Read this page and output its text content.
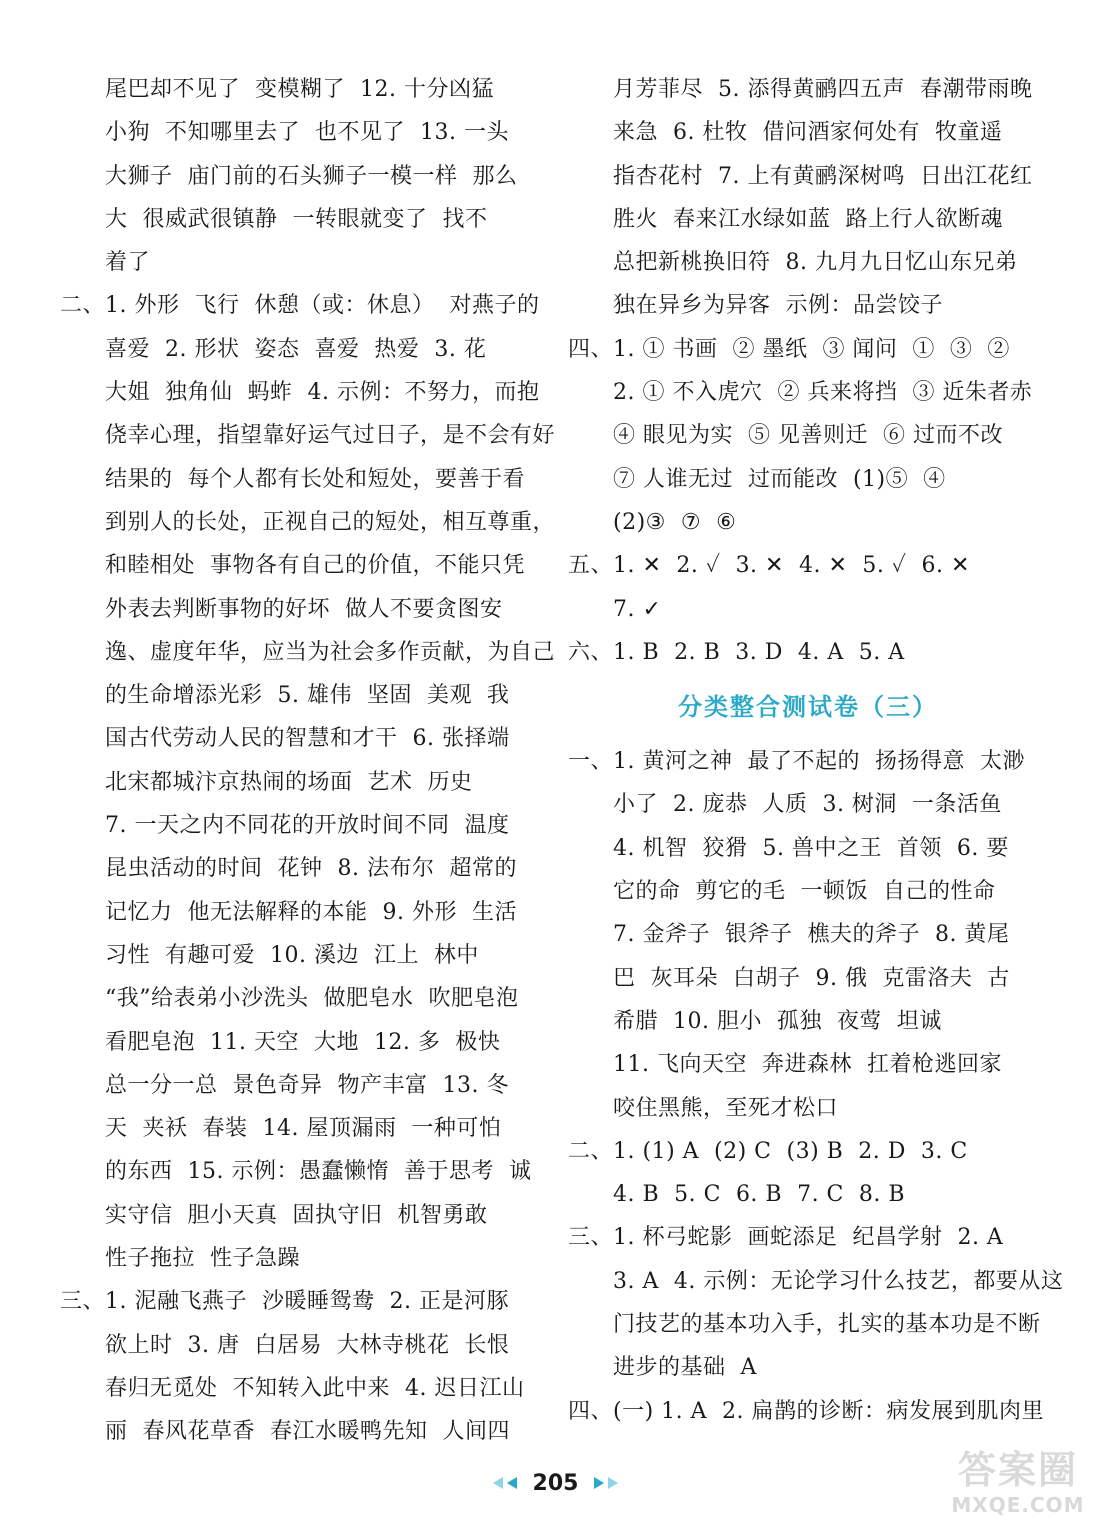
尾巴却不见了  变模糊了  12. 十分凶猛
小狗  不知哪里去了  也不见了  13. 一头
大狮子  庙门前的石头狮子一模一样  那么
大  很威武很镇静  一转眼就变了  找不
着了
二、1. 外形  飞行  休憩（或：休息）  对燕子的
喜爱  2. 形状  姿态  喜爱  热爱  3. 花
大姐  独角仙  蚂蚱  4. 示例：不努力，而抱
侥幸心理，指望靠好运气过日子，是不会有好
结果的  每个人都有长处和短处，要善于看
到别人的长处，正视自己的短处，相互尊重，
和睦相处  事物各有自己的价值，不能只凭
外表去判断事物的好坏  做人不要贪图安
逸、虚度年华，应当为社会多作贡献，为自己
的生命增添光彩  5. 雄伟  坚固  美观  我
国古代劳动人民的智慧和才干  6. 张择端
北宋都城汴京热闹的场面  艺术  历史
7. 一天之内不同花的开放时间不同  温度
昆虫活动的时间  花钟  8. 法布尔  超常的
记忆力  他无法解释的本能  9. 外形  生活
习性  有趣可爱  10. 溪边  江上  林中
“我”给表弟小沙洗头  做肥皂水  吹肥皂泡
看肥皂泡  11. 天空  大地  12. 多  极快
总一分一总  景色奇异  物产丰富  13. 冬
天  夹袄  春装  14. 屋顶漏雨  一种可怕
的东西  15. 示例：愚蠢懒惰  善于思考  诚
实守信  胆小天真  固执守旧  机智勇敢
性子拖拉  性子急躁
三、1. 泥融飞燕子  沙暖睡鸳鸯  2. 正是河豚
欲上时  3. 唐  白居易  大林寺桃花  长恨
春归无觅处  不知转入此中来  4. 迟日江山
丽  春风花草香  春江水暖鸭先知  人间四
月芳菲尽  5. 添得黄鹂四五声  春潮带雨晚
来急  6. 杜牧  借问酒家何处有  牧童遥
指杏花村  7. 上有黄鹂深树鸣  日出江花红
胜火  春来江水绿如蓝  路上行人欲断魂
总把新桃换旧符  8. 九月九日忆山东兄弟
独在异乡为异客  示例：品尝饺子
四、1. ① 书画  ② 墨纸  ③ 闻问  ①  ③  ②
2. ① 不入虎穴  ② 兵来将挡  ③ 近朱者赤
④ 眼见为实  ⑤ 见善则迁  ⑥ 过而不改
⑦ 人谁无过  过而能改  (1)⑤  ④
(2)③  ⑦  ⑥
五、1. ✕  2. ✓  3. ✕  4. ✕  5. ✓  6. ✕
7. ✓
六、1. B  2. B  3. D  4. A  5. A
分类整合测试卷（三）
一、1. 黄河之神  最了不起的  扬扬得意  太渺
小了  2. 庞恭  人质  3. 树洞  一条活鱼
4. 机智  狡猾  5. 兽中之王  首领  6. 要
它的命  剪它的毛  一顿饭  自己的性命
7. 金斧子  银斧子  樵夫的斧子  8. 黄尾
巴  灰耳朵  白胡子  9. 俄  克雷洛夫  古
希腊  10. 胆小  孤独  夜莺  坦诚
11. 飞向天空  奔进森林  扛着枪逃回家
咬住黑熊，至死才松口
二、1. (1) A  (2) C  (3) B  2. D  3. C
4. B  5. C  6. B  7. C  8. B
三、1. 杯弓蛇影  画蛇添足  纪昌学射  2. A
3. A  4. 示例：无论学习什么技艺，都要从这
门技艺的基本功入手，扎实的基本功是不断
进步的基础  A
四、(一) 1. A  2. 扁鹊的诊断：病发展到肌肉里
205	答案圈
MXQE.COM
